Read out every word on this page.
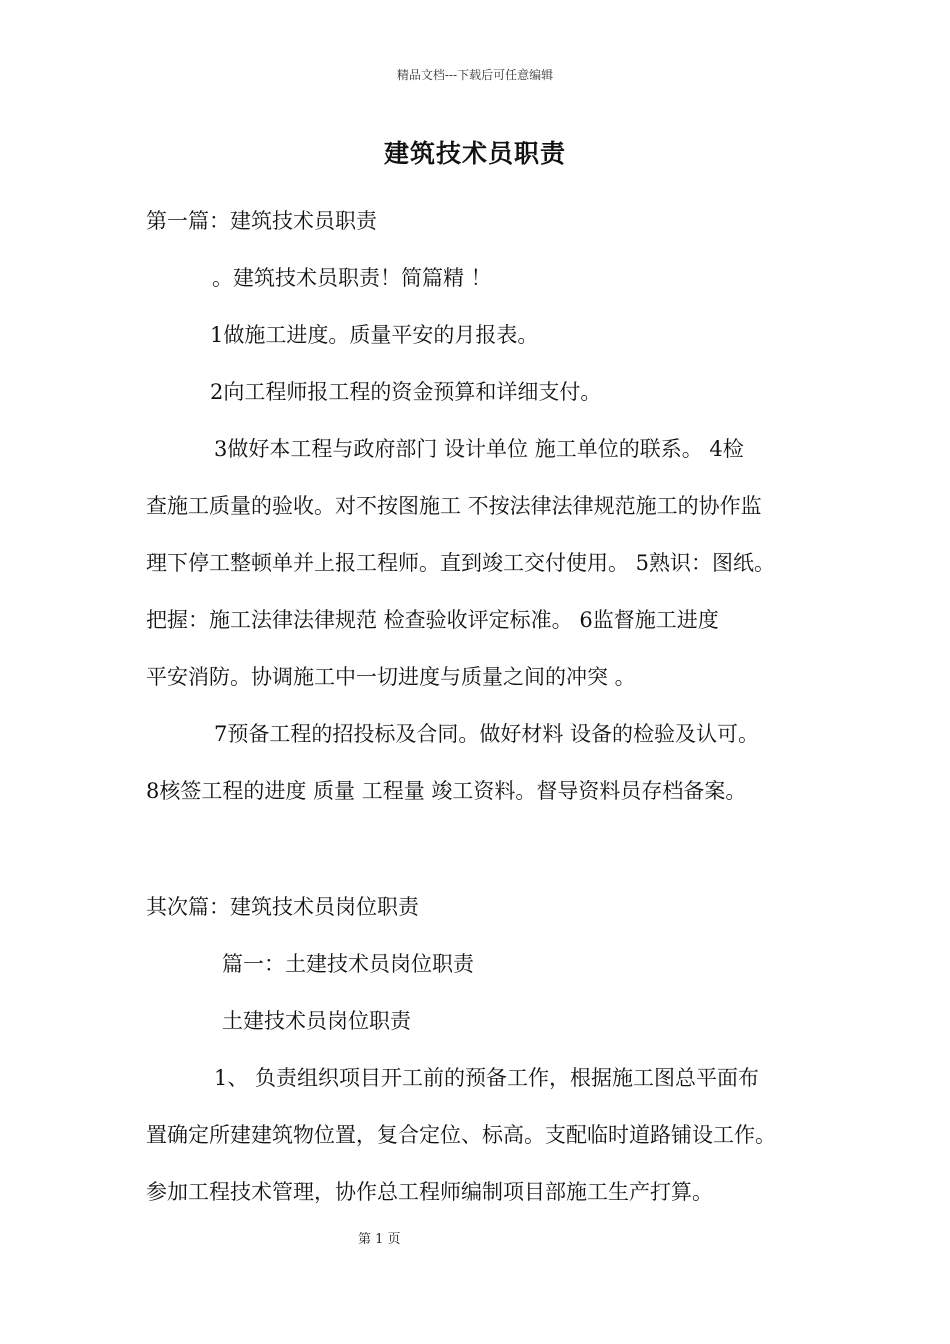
精品文档---下载后可任意编辑
建筑技术员职责
第一篇：建筑技术员职责
。建筑技术员职责！简篇精 ！
1做施工进度。质量平安的月报表。
2向工程师报工程的资金预算和详细支付。
3做好本工程与政府部门 设计单位 施工单位的联系。 4检
查施工质量的验收。对不按图施工 不按法律法律规范施工的协作监
理下停工整顿单并上报工程师。直到竣工交付使用。 5熟识：图纸。
把握：施工法律法律规范 检查验收评定标准。 6监督施工进度
平安消防。协调施工中一切进度与质量之间的冲突 。
7预备工程的招投标及合同。做好材料 设备的检验及认可。
8核签工程的进度 质量 工程量 竣工资料。督导资料员存档备案。
其次篇：建筑技术员岗位职责
篇一：土建技术员岗位职责
土建技术员岗位职责
1、 负责组织项目开工前的预备工作，根据施工图总平面布
置确定所建建筑物位置，复合定位、标高。支配临时道路铺设工作。
参加工程技术管理，协作总工程师编制项目部施工生产打算。
第 1 页
